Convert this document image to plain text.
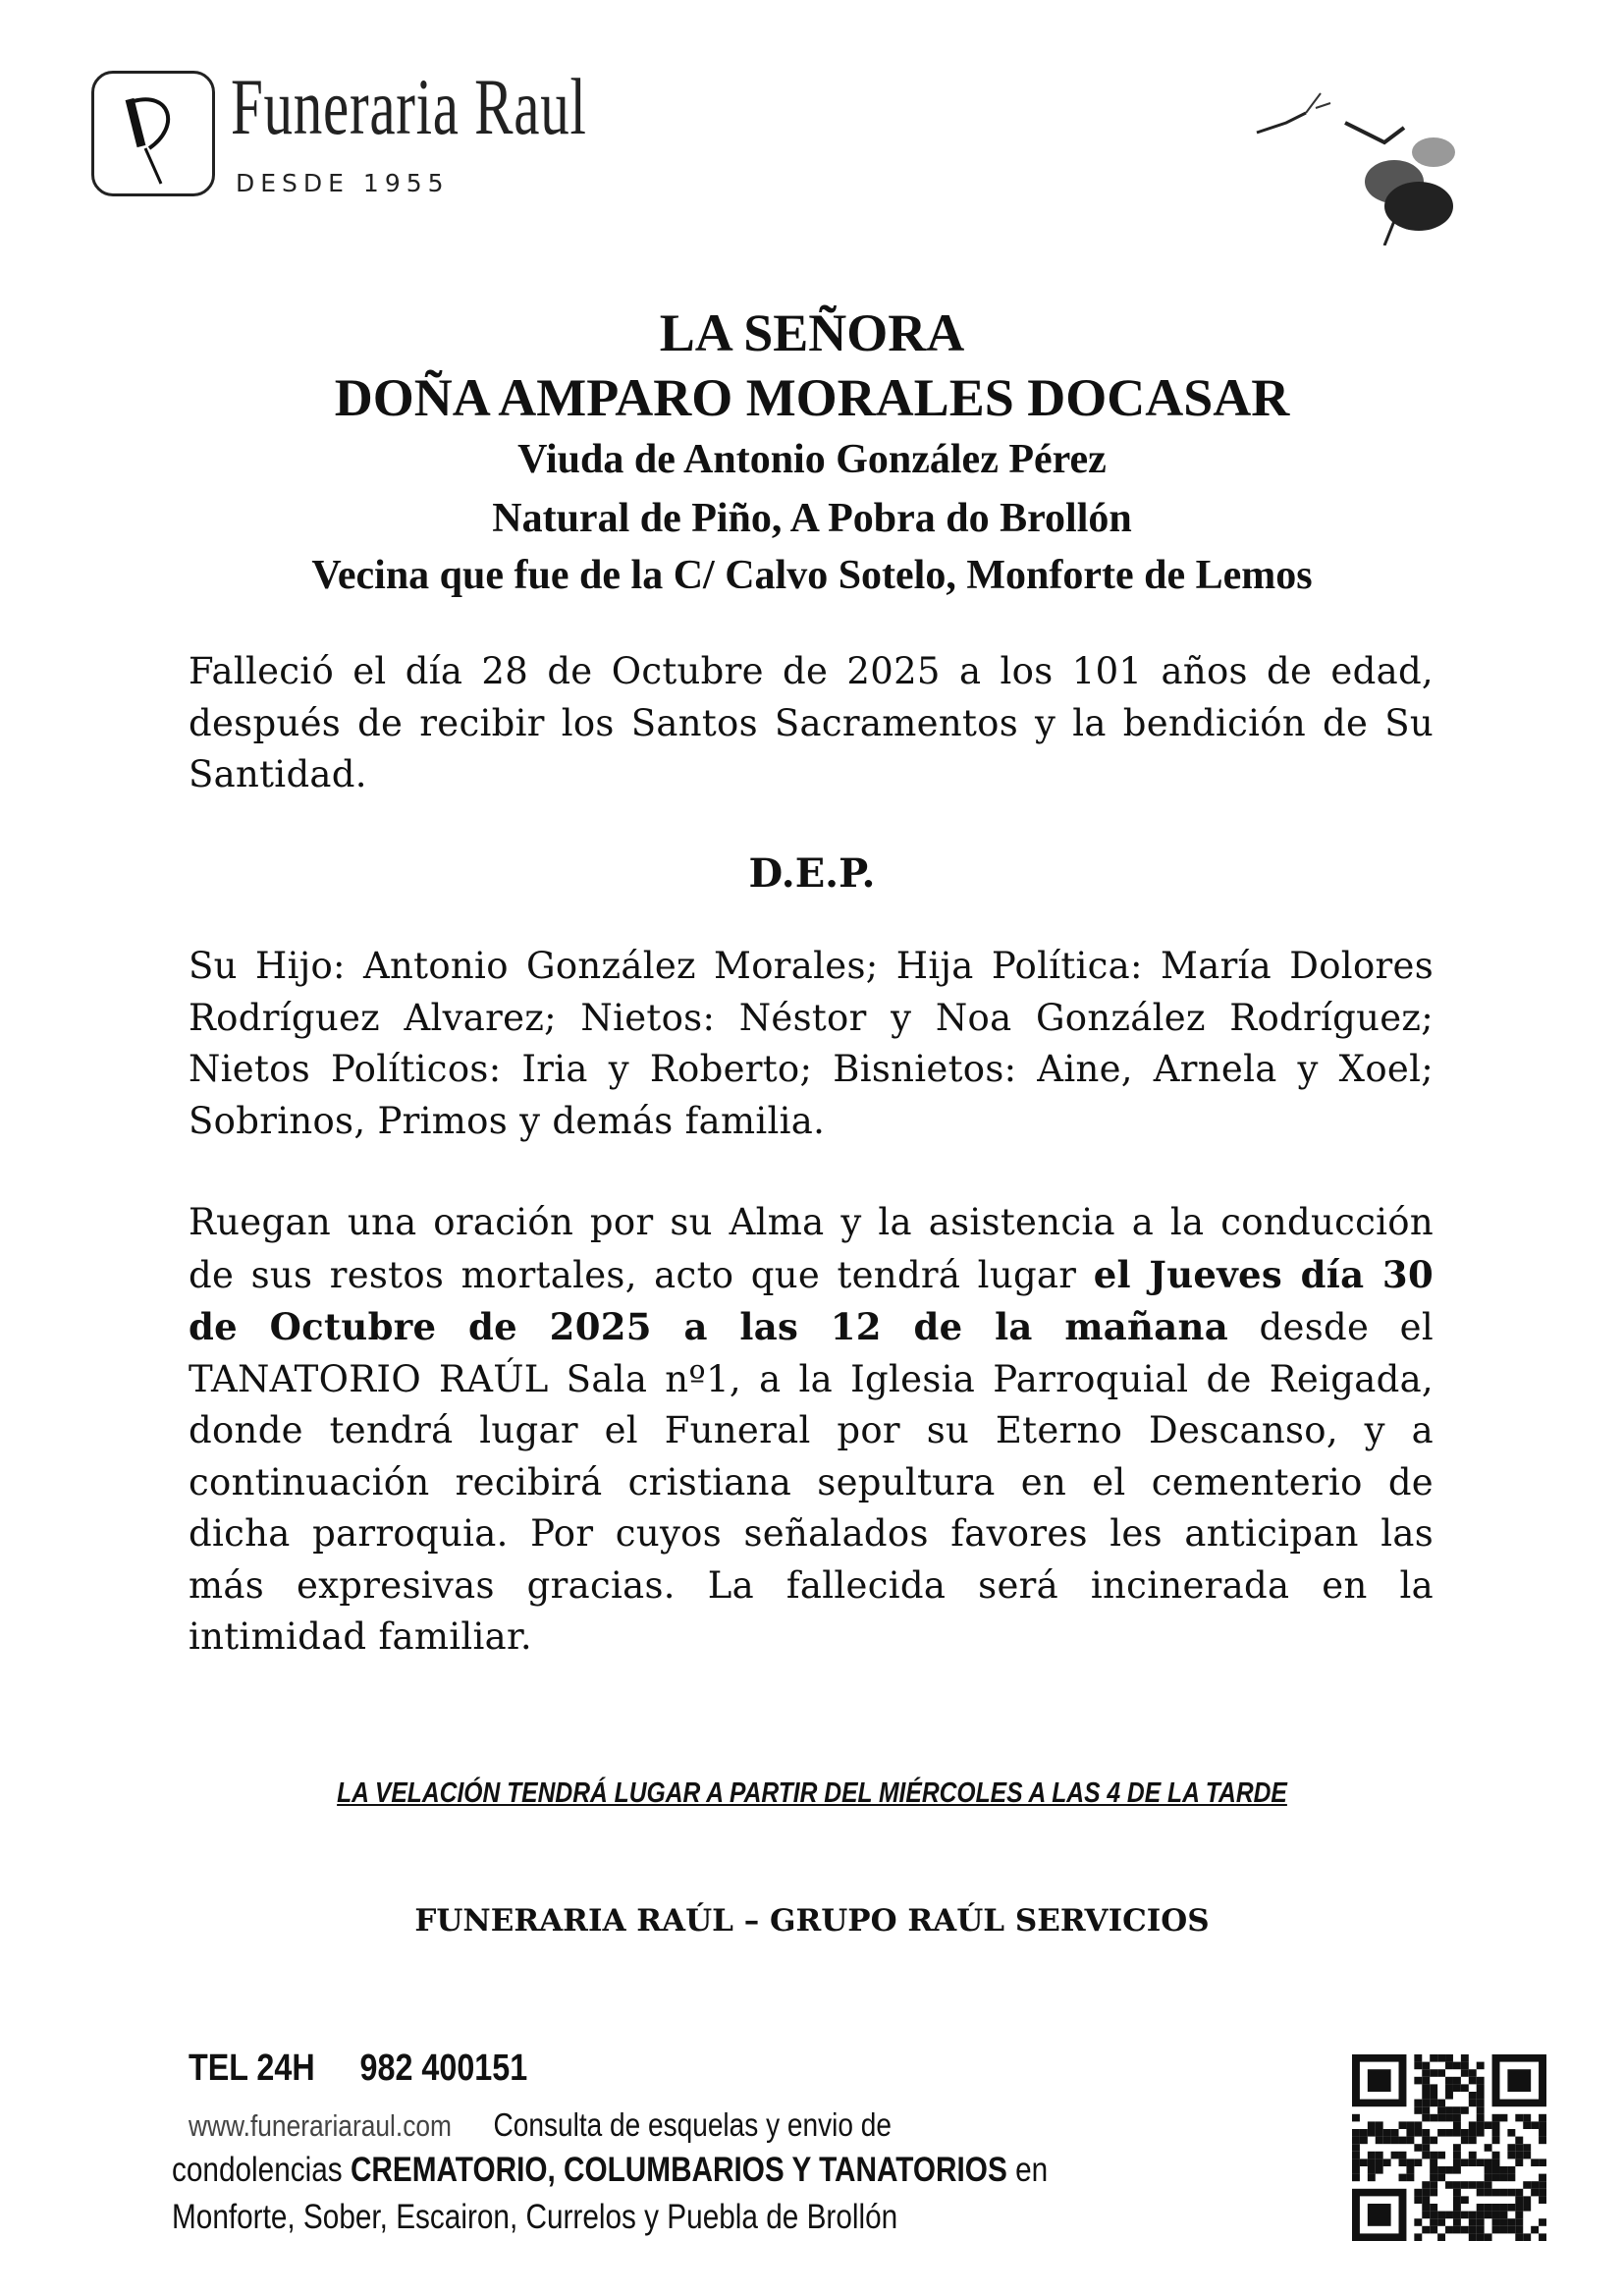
Funeraria Raul
DESDE 1955
LA SEÑORA
DOÑA AMPARO MORALES DOCASAR
Viuda de Antonio González Pérez
Natural de Piño, A Pobra do Brollón
Vecina que fue de la C/ Calvo Sotelo, Monforte de Lemos
Falleció el día 28 de Octubre de 2025 a los 101 años de edad, después de recibir los Santos Sacramentos y la bendición de Su Santidad.
D.E.P.
Su Hijo: Antonio González Morales; Hija Política: María Dolores Rodríguez Alvarez; Nietos: Néstor y Noa González Rodríguez; Nietos Políticos: Iria y Roberto; Bisnietos: Aine, Arnela y Xoel; Sobrinos, Primos y demás familia.
Ruegan una oración por su Alma y la asistencia a la conducción de sus restos mortales, acto que tendrá lugar el Jueves día 30 de Octubre de 2025 a las 12 de la mañana desde el TANATORIO RAÚL Sala nº1, a la Iglesia Parroquial de Reigada, donde tendrá lugar el Funeral por su Eterno Descanso, y a continuación recibirá cristiana sepultura en el cementerio de dicha parroquia. Por cuyos señalados favores les anticipan las más expresivas gracias. La fallecida será incinerada en la intimidad familiar.
LA VELACIÓN TENDRÁ LUGAR A PARTIR DEL MIÉRCOLES A LAS 4 DE LA TARDE
FUNERARIA RAÚL – GRUPO RAÚL SERVICIOS
TEL 24H 982 400151
www.funerariaraul.com Consulta de esquelas y envio de
condolencias CREMATORIO, COLUMBARIOS Y TANATORIOS en
Monforte, Sober, Escairon, Currelos y Puebla de Brollón
